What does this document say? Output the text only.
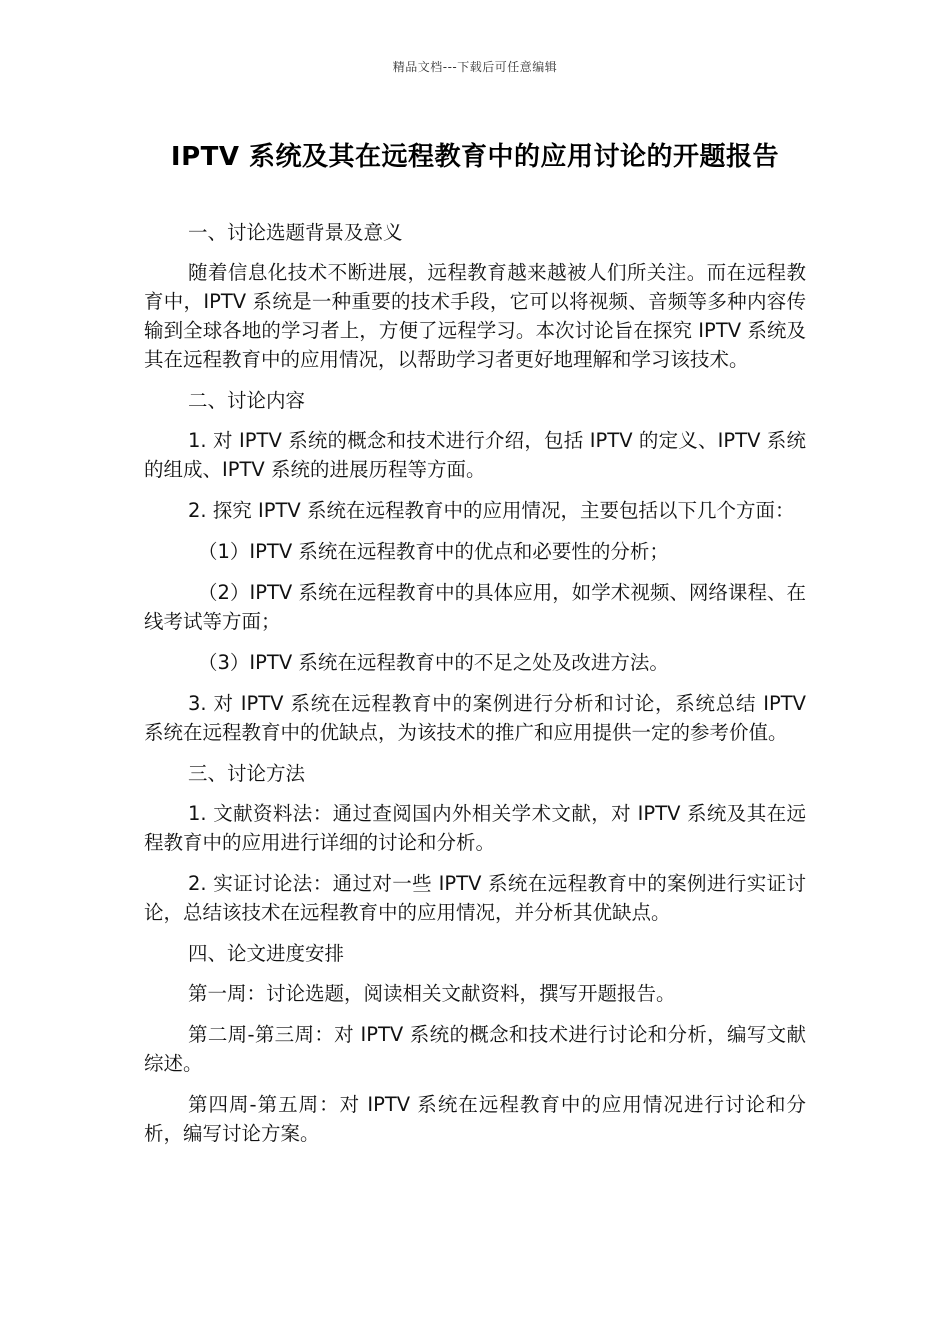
精品文档---下载后可任意编辑
IPTV 系统及其在远程教育中的应用讨论的开题报告

一、讨论选题背景及意义

随着信息化技术不断进展，远程教育越来越被人们所关注。而在远程教育中，IPTV 系统是一种重要的技术手段，它可以将视频、音频等多种内容传输到全球各地的学习者上，方便了远程学习。本次讨论旨在探究 IPTV 系统及其在远程教育中的应用情况，以帮助学习者更好地理解和学习该技术。

二、讨论内容

1. 对 IPTV 系统的概念和技术进行介绍，包括 IPTV 的定义、IPTV 系统的组成、IPTV 系统的进展历程等方面。

2. 探究 IPTV 系统在远程教育中的应用情况，主要包括以下几个方面：

（1）IPTV 系统在远程教育中的优点和必要性的分析；

（2）IPTV 系统在远程教育中的具体应用，如学术视频、网络课程、在线考试等方面；

（3）IPTV 系统在远程教育中的不足之处及改进方法。

3. 对 IPTV 系统在远程教育中的案例进行分析和讨论，系统总结 IPTV 系统在远程教育中的优缺点，为该技术的推广和应用提供一定的参考价值。

三、讨论方法

1. 文献资料法：通过查阅国内外相关学术文献，对 IPTV 系统及其在远程教育中的应用进行详细的讨论和分析。

2. 实证讨论法：通过对一些 IPTV 系统在远程教育中的案例进行实证讨论，总结该技术在远程教育中的应用情况，并分析其优缺点。

四、论文进度安排

第一周：讨论选题，阅读相关文献资料，撰写开题报告。

第二周-第三周：对 IPTV 系统的概念和技术进行讨论和分析，编写文献综述。

第四周-第五周：对 IPTV 系统在远程教育中的应用情况进行讨论和分析，编写讨论方案。
